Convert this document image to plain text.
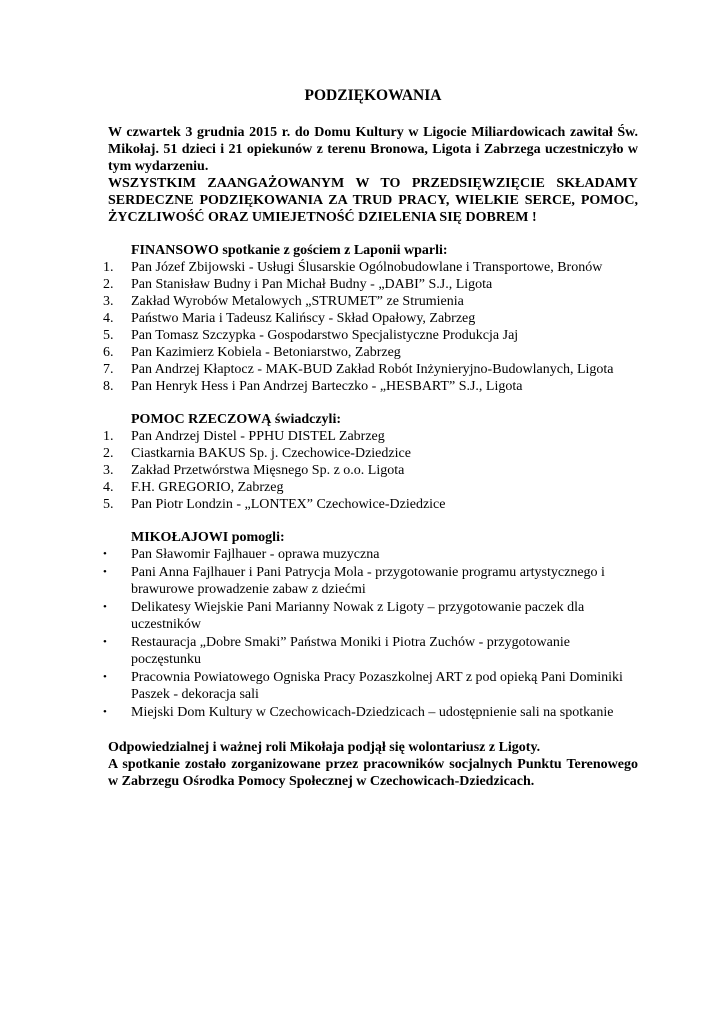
PODZIĘKOWANIA

W czwartek 3 grudnia 2015 r. do Domu Kultury w Ligocie Miliardowicach zawitał Św. Mikołaj. 51 dzieci i 21 opiekunów z terenu Bronowa, Ligota i Zabrzega uczestniczyło w tym wydarzeniu.

WSZYSTKIM ZAANGAŻOWANYM W TO PRZEDSIĘWZIĘCIE SKŁADAMY SERDECZNE PODZIĘKOWANIA ZA TRUD PRACY, WIELKIE SERCE, POMOC, ŻYCZLIWOŚĆ ORAZ UMIEJETNOŚĆ DZIELENIA SIĘ DOBREM !

FINANSOWO spotkanie z gościem z Laponii wparli:
1.	Pan Józef Zbijowski - Usługi Ślusarskie Ogólnobudowlane i Transportowe, Bronów
2.	Pan Stanisław Budny i Pan Michał Budny - „DABI” S.J., Ligota
3.	Zakład Wyrobów Metalowych „STRUMET” ze Strumienia
4.	Państwo Maria i Tadeusz Kalińscy - Skład Opałowy, Zabrzeg
5.	Pan Tomasz Szczypka - Gospodarstwo Specjalistyczne Produkcja Jaj
6.	Pan Kazimierz Kobiela - Betoniarstwo, Zabrzeg
7.	Pan Andrzej Kłaptocz - MAK-BUD Zakład Robót Inżynieryjno-Budowlanych, Ligota
8.	Pan Henryk Hess i Pan Andrzej Barteczko - „HESBART” S.J., Ligota
POMOC RZECZOWĄ świadczyli:
1.	Pan Andrzej Distel - PPHU DISTEL Zabrzeg
2.	Ciastkarnia BAKUS Sp. j. Czechowice-Dziedzice
3.	Zakład Przetwórstwa Mięsnego Sp. z o.o. Ligota
4.	F.H. GREGORIO, Zabrzeg
5.	Pan Piotr Londzin - „LONTEX” Czechowice-Dziedzice
MIKOŁAJOWI pomogli:
•	Pan Sławomir Fajlhauer - oprawa muzyczna
•	Pani Anna Fajlhauer i Pani Patrycja Mola - przygotowanie programu artystycznego i brawurowe prowadzenie zabaw z dziećmi
•	Delikatesy Wiejskie Pani Marianny Nowak z Ligoty – przygotowanie paczek dla uczestników
•	Restauracja „Dobre Smaki” Państwa Moniki i Piotra Zuchów - przygotowanie poczęstunku
•	Pracownia Powiatowego Ogniska Pracy Pozaszkolnej ART z pod opieką Pani Dominiki Paszek - dekoracja sali
•	Miejski Dom Kultury w Czechowicach-Dziedzicach – udostępnienie sali na spotkanie

Odpowiedzialnej i ważnej roli Mikołaja podjął się wolontariusz z Ligoty.

A spotkanie zostało zorganizowane przez pracowników socjalnych Punktu Terenowego w Zabrzegu Ośrodka Pomocy Społecznej w Czechowicach-Dziedzicach.
